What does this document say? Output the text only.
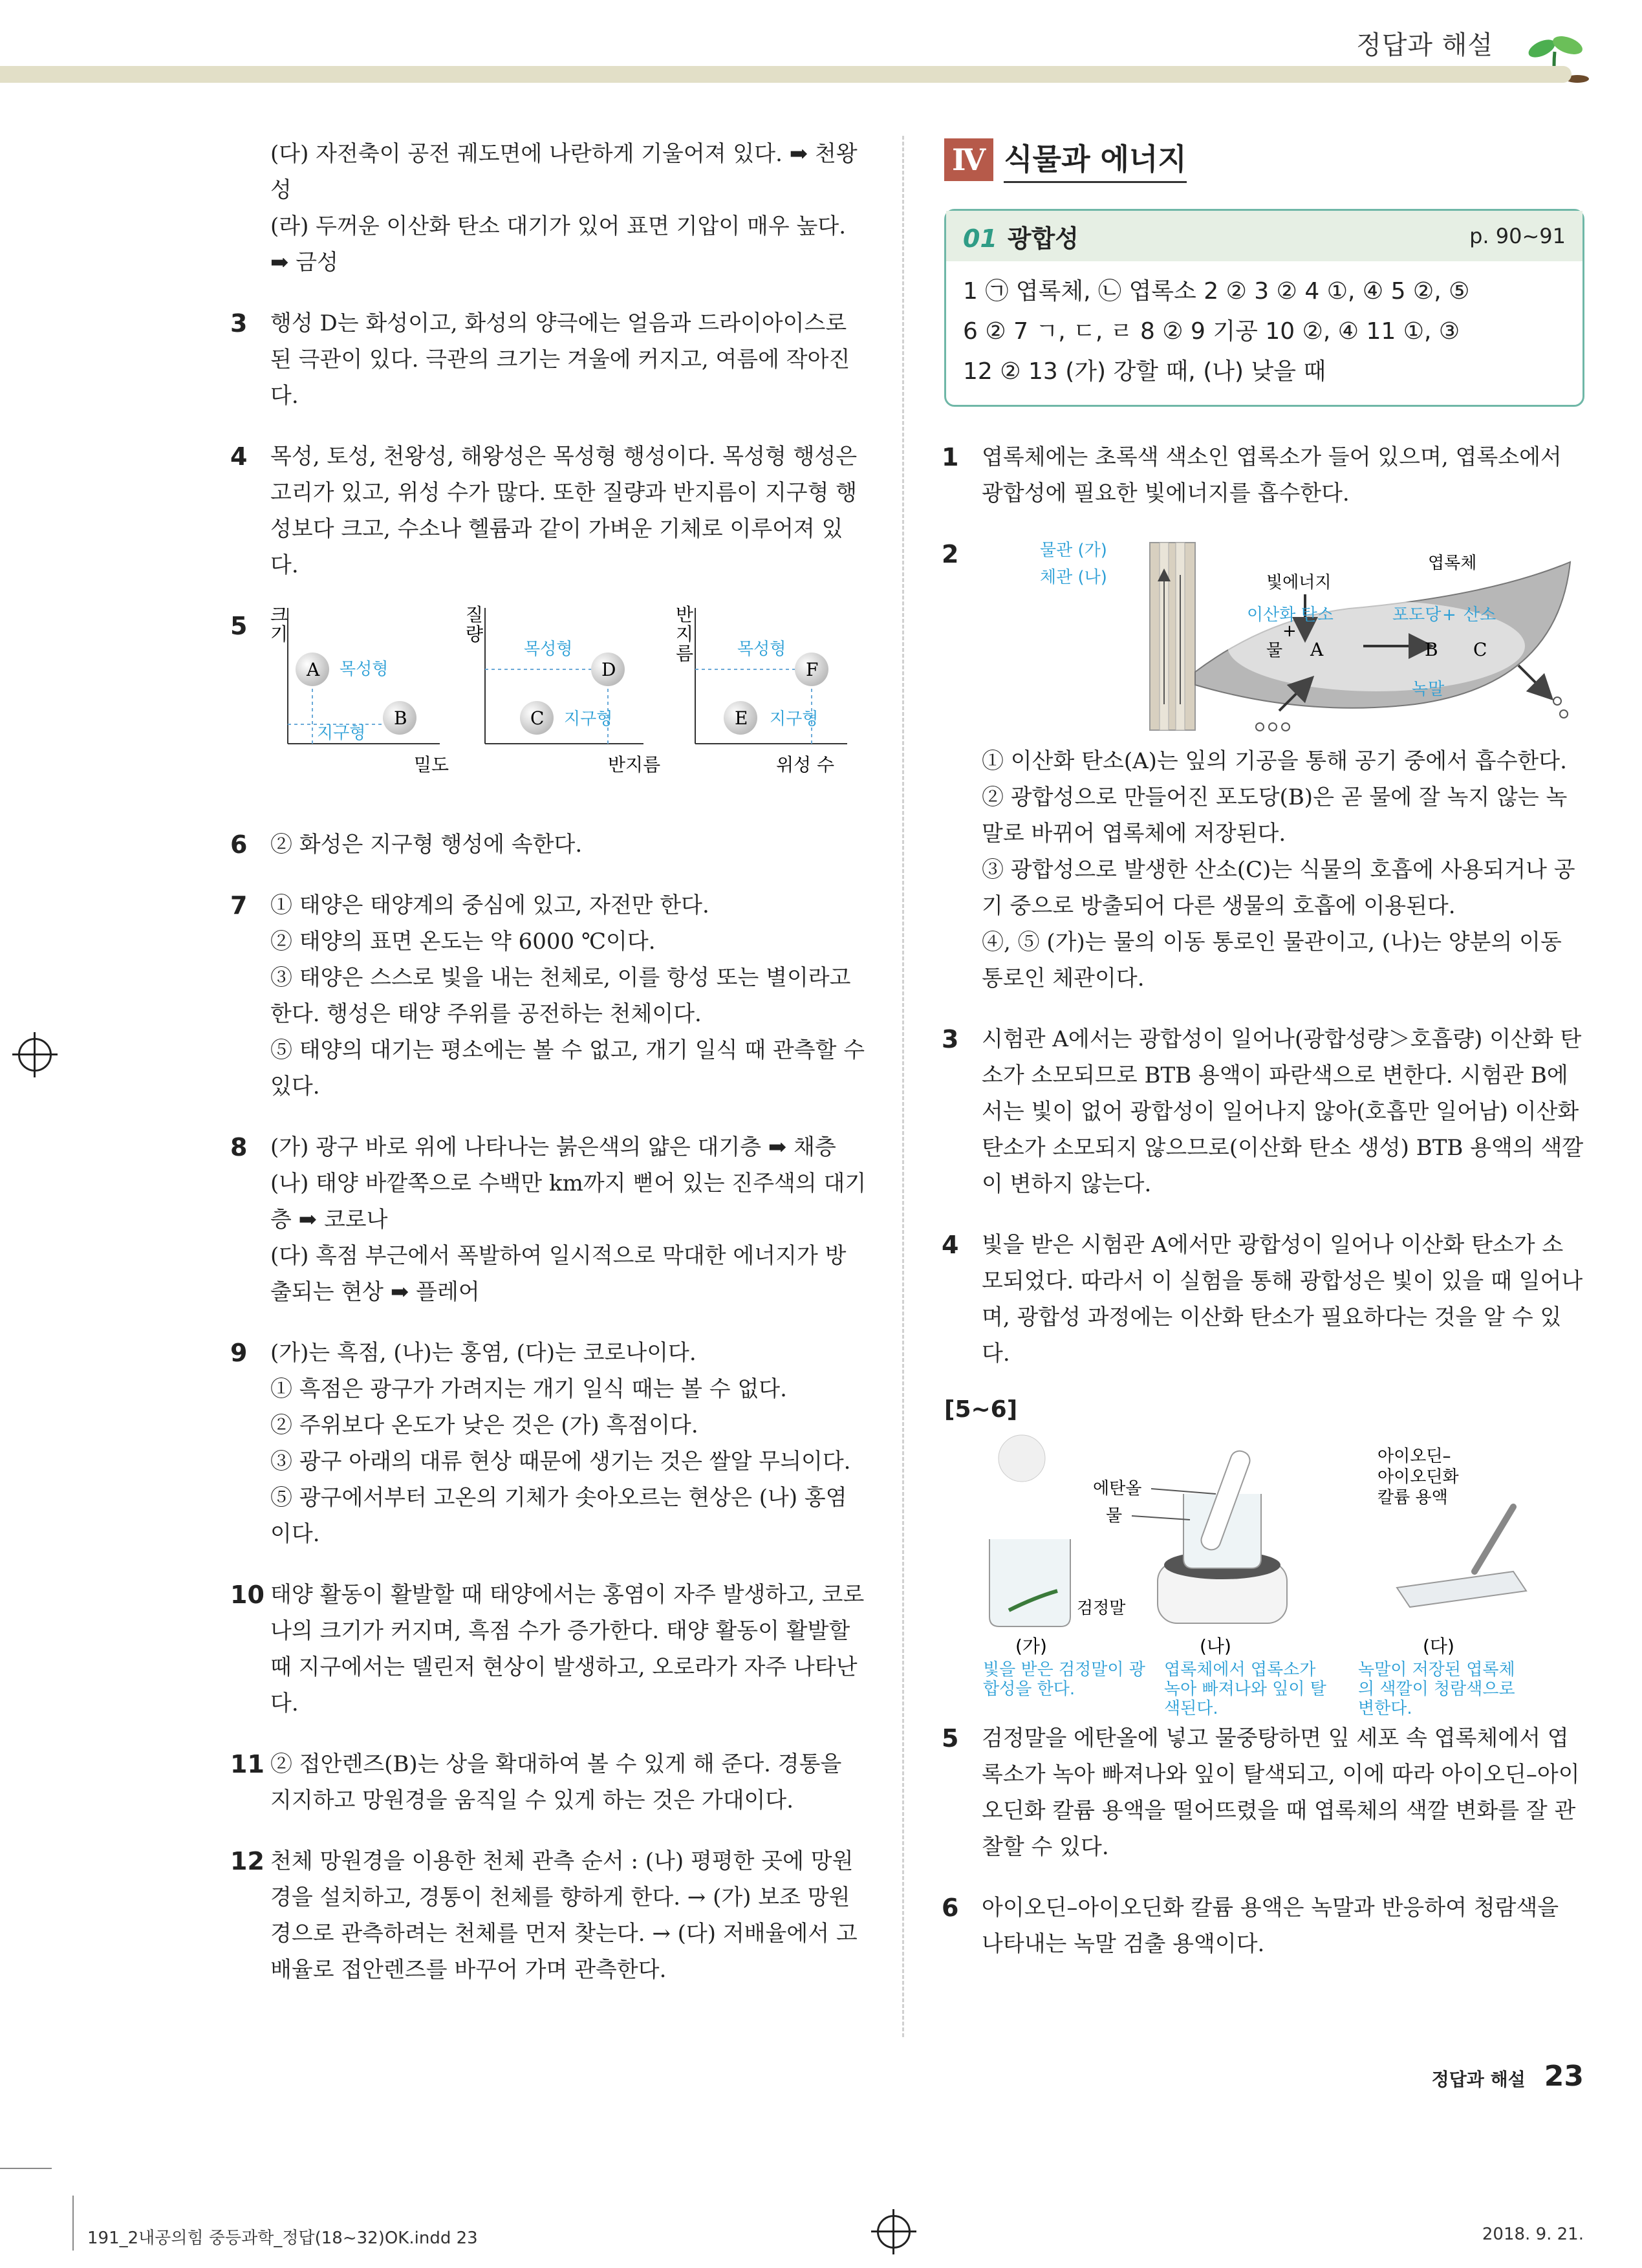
정답과 해설

(다) 자전축이 공전 궤도면에 나란하게 기울어져 있다. ➡ 천왕성

(라) 두꺼운 이산화 탄소 대기가 있어 표면 기압이 매우 높다. ➡ 금성

3 행성 D는 화성이고, 화성의 양극에는 얼음과 드라이아이스로 된 극관이 있다. 극관의 크기는 겨울에 커지고, 여름에 작아진다.

4 목성, 토성, 천왕성, 해왕성은 목성형 행성이다. 목성형 행성은 고리가 있고, 위성 수가 많다. 또한 질량과 반지름이 지구형 행성보다 크고, 수소나 헬륨과 같이 가벼운 기체로 이루어져 있다.

5
A 목성형
B
지구형
밀도
D
목성형
C 지구형
반지름
F
목성형
E 지구형
위성 수
크 기
질 량
반 지 름
6 ② 화성은 지구형 행성에 속한다.

7 ① 태양은 태양계의 중심에 있고, 자전만 한다.

② 태양의 표면 온도는 약 6000 ℃이다.

③ 태양은 스스로 빛을 내는 천체로, 이를 항성 또는 별이라고 한다. 행성은 태양 주위를 공전하는 천체이다.

⑤ 태양의 대기는 평소에는 볼 수 없고, 개기 일식 때 관측할 수 있다.

8 (가) 광구 바로 위에 나타나는 붉은색의 얇은 대기층 ➡ 채층

(나) 태양 바깥쪽으로 수백만 km까지 뻗어 있는 진주색의 대기층 ➡ 코로나

(다) 흑점 부근에서 폭발하여 일시적으로 막대한 에너지가 방출되는 현상 ➡ 플레어

9 (가)는 흑점, (나)는 홍염, (다)는 코로나이다.

① 흑점은 광구가 가려지는 개기 일식 때는 볼 수 없다.

② 주위보다 온도가 낮은 것은 (가) 흑점이다.

③ 광구 아래의 대류 현상 때문에 생기는 것은 쌀알 무늬이다.

⑤ 광구에서부터 고온의 기체가 솟아오르는 현상은 (나) 홍염이다.

10 태양 활동이 활발할 때 태양에서는 홍염이 자주 발생하고, 코로나의 크기가 커지며, 흑점 수가 증가한다. 태양 활동이 활발할 때 지구에서는 델린저 현상이 발생하고, 오로라가 자주 나타난다.

11 ② 접안렌즈(B)는 상을 확대하여 볼 수 있게 해 준다. 경통을 지지하고 망원경을 움직일 수 있게 하는 것은 가대이다.

12 천체 망원경을 이용한 천체 관측 순서 : (나) 평평한 곳에 망원경을 설치하고, 경통이 천체를 향하게 한다. → (가) 보조 망원경으로 관측하려는 천체를 먼저 찾는다. → (다) 저배율에서 고배율로 접안렌즈를 바꾸어 가며 관측한다.

Ⅳ 식물과 에너지
01 광합성	p. 90~91
1 ㉠ 엽록체, ㉡ 엽록소 2 ② 3 ② 4 ①, ④ 5 ②, ⑤
6 ② 7 ㄱ, ㄷ, ㄹ 8 ② 9 기공 10 ②, ④ 11 ①, ③
12 ② 13 (가) 강할 때, (나) 낮을 때
1 엽록체에는 초록색 색소인 엽록소가 들어 있으며, 엽록소에서 광합성에 필요한 빛에너지를 흡수한다.

2	물관 (가)
체관 (나)	빛에너지
엽록체
이산화 탄소
+
물 A
포도당 + 산소
B C
녹말

① 이산화 탄소(A)는 잎의 기공을 통해 공기 중에서 흡수한다.

② 광합성으로 만들어진 포도당(B)은 곧 물에 잘 녹지 않는 녹말로 바뀌어 엽록체에 저장된다.

③ 광합성으로 발생한 산소(C)는 식물의 호흡에 사용되거나 공기 중으로 방출되어 다른 생물의 호흡에 이용된다.

④, ⑤ (가)는 물의 이동 통로인 물관이고, (나)는 양분의 이동 통로인 체관이다.

3 시험관 A에서는 광합성이 일어나(광합성량＞호흡량) 이산화 탄소가 소모되므로 BTB 용액이 파란색으로 변한다. 시험관 B에서는 빛이 없어 광합성이 일어나지 않아(호흡만 일어남) 이산화 탄소가 소모되지 않으므로(이산화 탄소 생성) BTB 용액의 색깔이 변하지 않는다.

4 빛을 받은 시험관 A에서만 광합성이 일어나 이산화 탄소가 소모되었다. 따라서 이 실험을 통해 광합성은 빛이 있을 때 일어나며, 광합성 과정에는 이산화 탄소가 필요하다는 것을 알 수 있다.

[5~6]
검정말
에탄올
물
아이오딘–
아이오딘화
칼륨 용액
(가)	(나)	(다)
빛을 받은 검정말이 광
합성을 한다.
엽록체에서 엽록소가
녹아 빠져나와 잎이 탈
색된다.
녹말이 저장된 엽록체
의 색깔이 청람색으로
변한다.
5 검정말을 에탄올에 넣고 물중탕하면 잎 세포 속 엽록체에서 엽록소가 녹아 빠져나와 잎이 탈색되고, 이에 따라 아이오딘–아이오딘화 칼륨 용액을 떨어뜨렸을 때 엽록체의 색깔 변화를 잘 관찰할 수 있다.

6 아이오딘–아이오딘화 칼륨 용액은 녹말과 반응하여 청람색을 나타내는 녹말 검출 용액이다.

정답과 해설 23
191_2내공의힘 중등과학_정답(18~32)OK.indd 23	2018. 9. 21.
